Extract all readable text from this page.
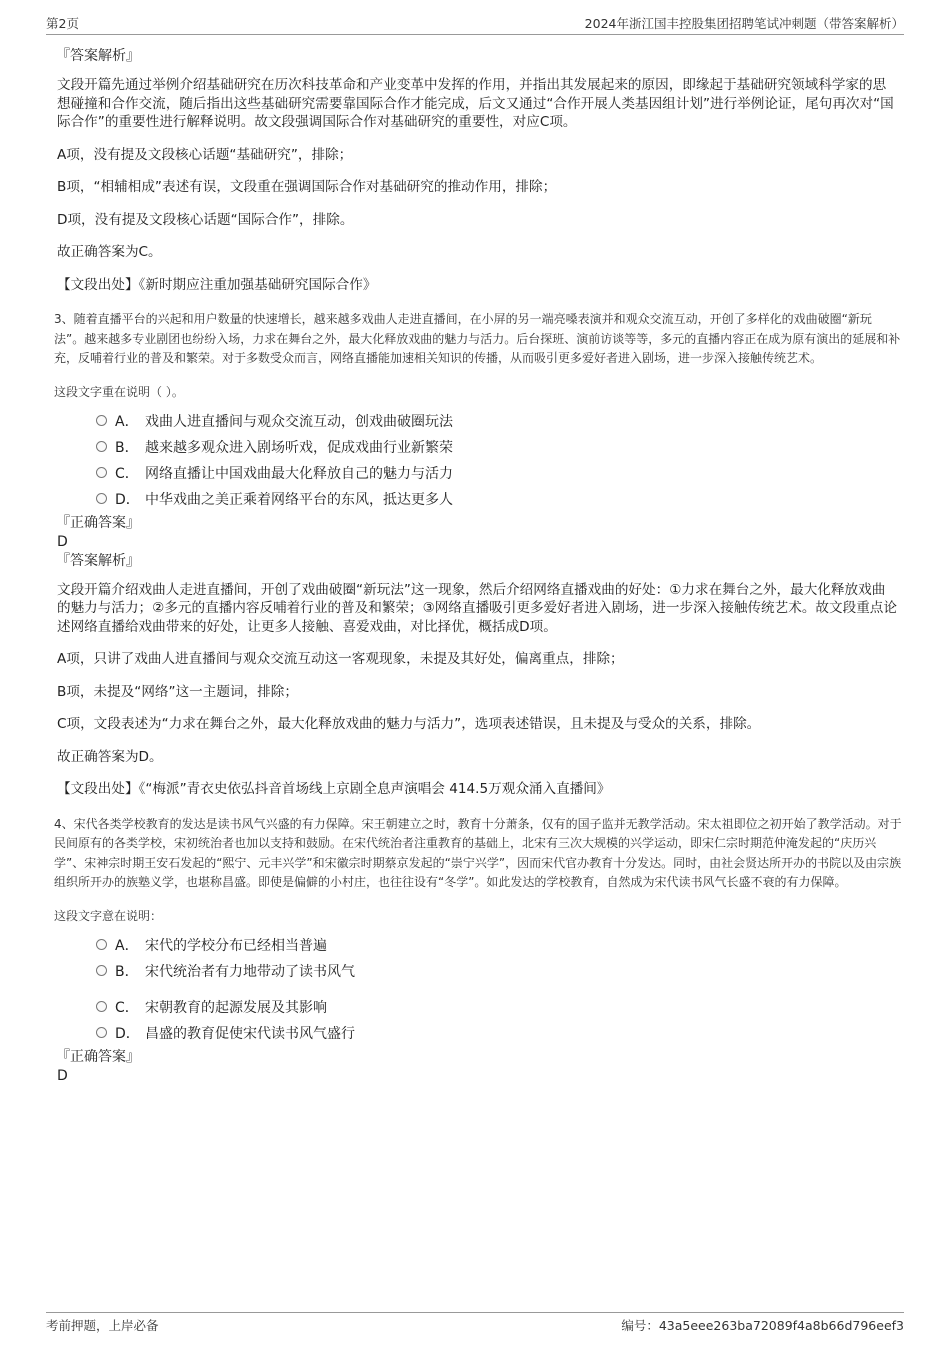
第2页	2024年浙江国丰控股集团招聘笔试冲刺题（带答案解析）
『答案解析』
文段开篇先通过举例介绍基础研究在历次科技革命和产业变革中发挥的作用，并指出其发展起来的原因，即缘起于基础研究领域科学家的思想碰撞和合作交流，随后指出这些基础研究需要靠国际合作才能完成，后文又通过“合作开展人类基因组计划”进行举例论证，尾句再次对“国际合作”的重要性进行解释说明。故文段强调国际合作对基础研究的重要性，对应C项。
A项，没有提及文段核心话题“基础研究”，排除；
B项，“相辅相成”表述有误，文段重在强调国际合作对基础研究的推动作用，排除；
D项，没有提及文段核心话题“国际合作”，排除。
故正确答案为C。
【文段出处】《新时期应注重加强基础研究国际合作》
3、随着直播平台的兴起和用户数量的快速增长，越来越多戏曲人走进直播间，在小屏的另一端亮嗓表演并和观众交流互动，开创了多样化的戏曲破圈“新玩法”。越来越多专业剧团也纷纷入场，力求在舞台之外，最大化释放戏曲的魅力与活力。后台探班、演前访谈等等，多元的直播内容正在成为原有演出的延展和补充，反哺着行业的普及和繁荣。对于多数受众而言，网络直播能加速相关知识的传播，从而吸引更多爱好者进入剧场，进一步深入接触传统艺术。
这段文字重在说明（ ）。
A． 戏曲人进直播间与观众交流互动，创戏曲破圈玩法
B． 越来越多观众进入剧场听戏，促成戏曲行业新繁荣
C． 网络直播让中国戏曲最大化释放自己的魅力与活力
D． 中华戏曲之美正乘着网络平台的东风，抵达更多人
『正确答案』
D
『答案解析』
文段开篇介绍戏曲人走进直播间，开创了戏曲破圈“新玩法”这一现象，然后介绍网络直播戏曲的好处：①力求在舞台之外，最大化释放戏曲的魅力与活力；②多元的直播内容反哺着行业的普及和繁荣；③网络直播吸引更多爱好者进入剧场，进一步深入接触传统艺术。故文段重点论述网络直播给戏曲带来的好处，让更多人接触、喜爱戏曲，对比择优，概括成D项。
A项，只讲了戏曲人进直播间与观众交流互动这一客观现象，未提及其好处，偏离重点，排除；
B项，未提及“网络”这一主题词，排除；
C项，文段表述为“力求在舞台之外，最大化释放戏曲的魅力与活力”，选项表述错误，且未提及与受众的关系，排除。
故正确答案为D。
【文段出处】《“梅派”青衣史依弘抖音首场线上京剧全息声演唱会 414.5万观众涌入直播间》
4、宋代各类学校教育的发达是读书风气兴盛的有力保障。宋王朝建立之时，教育十分萧条，仅有的国子监并无教学活动。宋太祖即位之初开始了教学活动。对于民间原有的各类学校，宋初统治者也加以支持和鼓励。在宋代统治者注重教育的基础上，北宋有三次大规模的兴学运动，即宋仁宗时期范仲淹发起的“庆历兴学”、宋神宗时期王安石发起的“熙宁、元丰兴学”和宋徽宗时期蔡京发起的“崇宁兴学”，因而宋代官办教育十分发达。同时，由社会贤达所开办的书院以及由宗族组织所开办的族塾义学，也堪称昌盛。即使是偏僻的小村庄，也往往设有“冬学”。如此发达的学校教育，自然成为宋代读书风气长盛不衰的有力保障。
这段文字意在说明：
A． 宋代的学校分布已经相当普遍
B． 宋代统治者有力地带动了读书风气
C． 宋朝教育的起源发展及其影响
D． 昌盛的教育促使宋代读书风气盛行
『正确答案』
D
考前押题，上岸必备	编号：43a5eee263ba72089f4a8b66d796eef3
